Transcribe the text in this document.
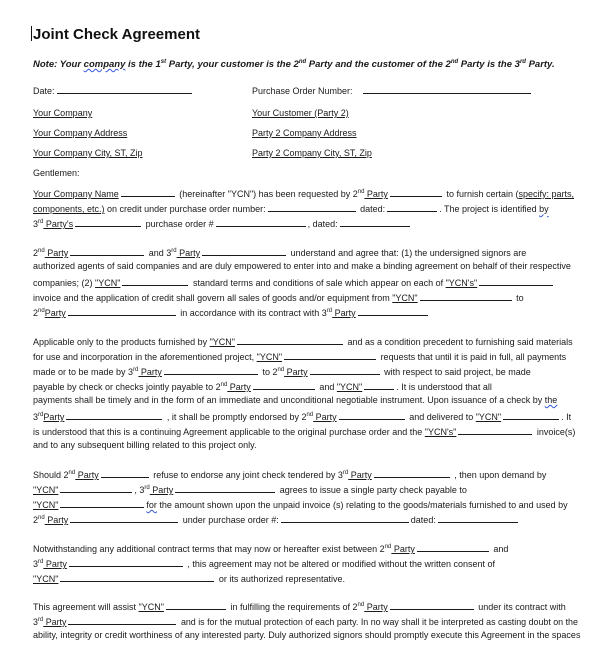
Joint Check Agreement
Note: Your company is the 1st Party, your customer is the 2nd Party and the customer of the 2nd Party is the 3rd Party.
Date:	Purchase Order Number:
Your Company	Your Customer (Party 2)
Your Company Address	Party 2 Company Address
Your Company City, ST, Zip	Party 2 Company City, ST, Zip
Gentlemen:
Your Company Name	(hereinafter "YCN") has been requested by 2nd Party	to furnish certain (specify: parts,
components, etc.) on credit under purchase order number:	dated:	. The project is identified by
3rd Party's	purchase order #	, dated:
2nd Party	and 3rd Party	understand and agree that: (1) the undersigned signors are
authorized agents of said companies and are duly empowered to enter into and make a binding agreement on behalf of their respective
companies; (2) "YCN"	standard terms and conditions of sale which appear on each of "YCN's"
invoice and the application of credit shall govern all sales of goods and/or equipment from "YCN"	to
2ndParty	in accordance with its contract with 3rd Party
Applicable only to the products furnished by "YCN"	and as a condition precedent to furnishing said materials
for use and incorporation in the aforementioned project, "YCN"	requests that until it is paid in full, all payments
made or to be made by 3rd Party	to 2nd Party	with respect to said project, be made
payable by check or checks jointly payable to 2nd Party	and "YCN"	. It is understood that all
payments shall be timely and in the form of an immediate and unconditional negotiable instrument. Upon issuance of a check by the
3rdParty	, it shall be promptly endorsed by 2nd Party	and delivered to "YCN"	. It
is understood that this is a continuing Agreement applicable to the original purchase order and the "YCN's"	invoice(s)
and to any subsequent billing related to this project only.
Should 2nd Party	refuse to endorse any joint check tendered by 3rd Party	, then upon demand by
"YCN"	, 3rd Party	agrees to issue a single party check payable to
"YCN"	for the amount shown upon the unpaid invoice (s) relating to the goods/materials furnished to and used by
2nd Party	under purchase order #:	dated:
Notwithstanding any additional contract terms that may now or hereafter exist between 2nd Party	and
3rd Party	, this agreement may not be altered or modified without the written consent of
"YCN"	or its authorized representative.
This agreement will assist "YCN"	in fulfilling the requirements of 2nd Party	under its contract with
3rd Party	and is for the mutual protection of each party. In no way shall it be interpreted as casting doubt on the
ability, integrity or credit worthiness of any interested party. Duly authorized signors should promptly execute this Agreement in the spaces
